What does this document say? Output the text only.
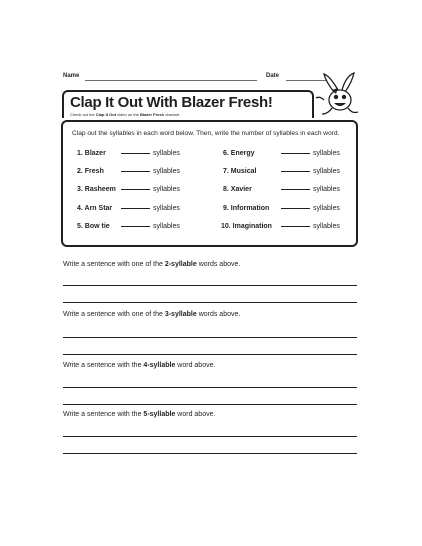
Name	Date
Clap It Out With Blazer Fresh!
Check out the Clap It Out video on the Blazer Fresh channel.
Clap out the syllables in each word below. Then, write the number of syllables in each word.
1. Blazer
2. Fresh
3. Rasheem
4. Arn Star
5. Bow tie
syllables
syllables
syllables
syllables
syllables
6. Energy
7. Musical
8. Xavier
9. Information
10. Imagination
syllables
syllables
syllables
syllables
syllables
Write a sentence with one of the 2-syllable words above.
Write a sentence with one of the 3-syllable words above.
Write a sentence with the 4-syllable word above.
Write a sentence with the 5-syllable word above.
